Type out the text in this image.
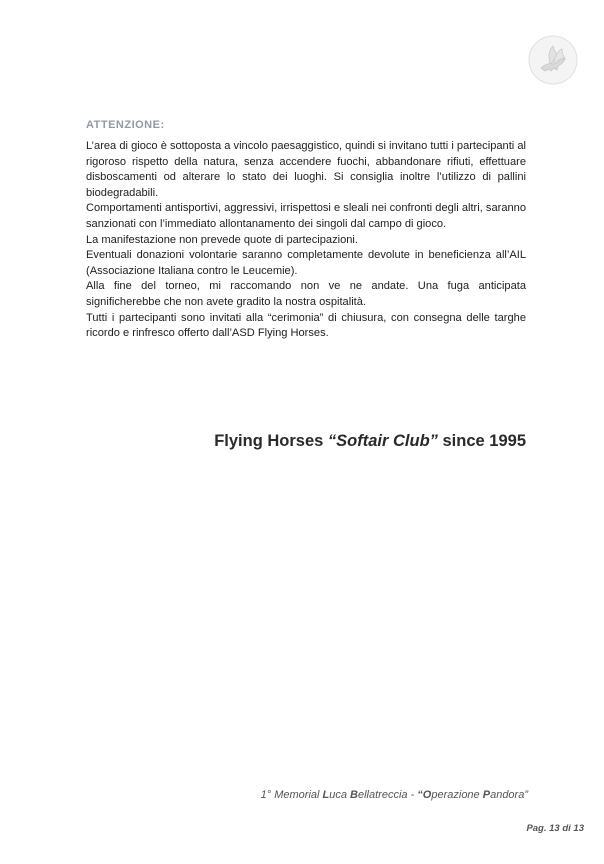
ATTENZIONE:

L’area di gioco è sottoposta a vincolo paesaggistico, quindi si invitano tutti i partecipanti al rigoroso rispetto della natura, senza accendere fuochi, abbandonare rifiuti, effettuare disboscamenti od alterare lo stato dei luoghi. Si consiglia inoltre l’utilizzo di pallini biodegradabili.

Comportamenti antisportivi, aggressivi, irrispettosi e sleali nei confronti degli altri, saranno sanzionati con l’immediato allontanamento dei singoli dal campo di gioco.

La manifestazione non prevede quote di partecipazioni.

Eventuali donazioni volontarie saranno completamente devolute in beneficienza all’AIL (Associazione Italiana contro le Leucemie).

Alla fine del torneo, mi raccomando non ve ne andate. Una fuga anticipata significherebbe che non avete gradito la nostra ospitalità.

Tutti i partecipanti sono invitati alla “cerimonia” di chiusura, con consegna delle targhe ricordo e rinfresco offerto dall’ASD Flying Horses.

Flying Horses “Softair Club” since 1995
1° Memorial Luca Bellatreccia - “Operazione Pandora”
Pag. 13 di 13
